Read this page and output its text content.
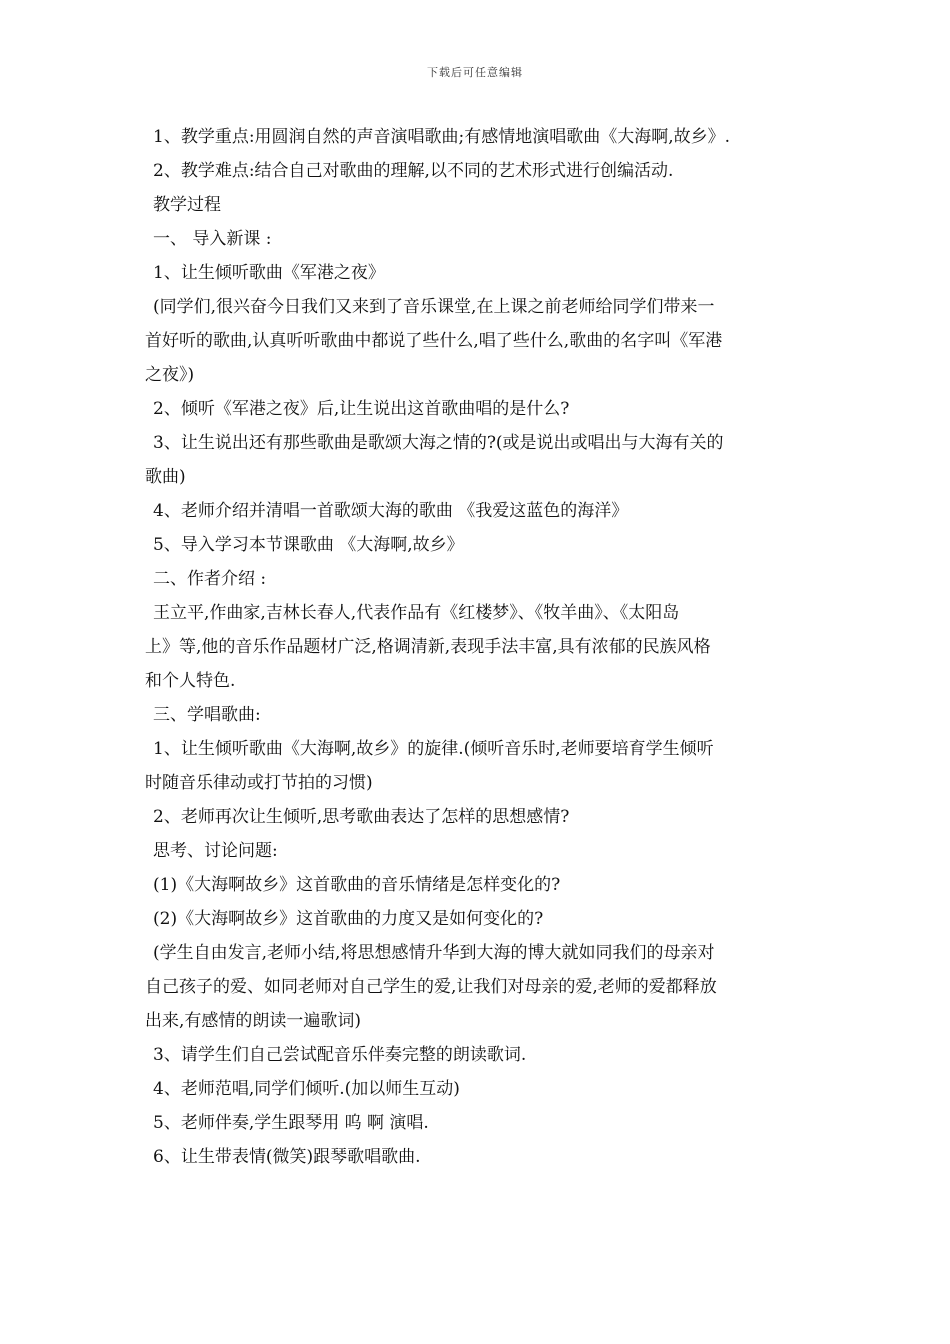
下载后可任意编辑
1、教学重点:用圆润自然的声音演唱歌曲;有感情地演唱歌曲《大海啊,故乡》.
2、教学难点:结合自己对歌曲的理解,以不同的艺术形式进行创编活动.
教学过程
一、 导入新课 :
1、让生倾听歌曲《军港之夜》
(同学们,很兴奋今日我们又来到了音乐课堂,在上课之前老师给同学们带来一
首好听的歌曲,认真听听歌曲中都说了些什么,唱了些什么,歌曲的名字叫《军港
之夜》)
2、倾听《军港之夜》后,让生说出这首歌曲唱的是什么?
3、让生说出还有那些歌曲是歌颂大海之情的?(或是说出或唱出与大海有关的
歌曲)
4、老师介绍并清唱一首歌颂大海的歌曲 《我爱这蓝色的海洋》
5、导入学习本节课歌曲 《大海啊,故乡》
二、作者介绍 :
王立平,作曲家,吉林长春人,代表作品有《红楼梦》、《牧羊曲》、《太阳岛
上》等,他的音乐作品题材广泛,格调清新,表现手法丰富,具有浓郁的民族风格
和个人特色.
三、学唱歌曲:
1、让生倾听歌曲《大海啊,故乡》的旋律.(倾听音乐时,老师要培育学生倾听
时随音乐律动或打节拍的习惯)
2、老师再次让生倾听,思考歌曲表达了怎样的思想感情?
思考、讨论问题:
(1)《大海啊故乡》这首歌曲的音乐情绪是怎样变化的?
(2)《大海啊故乡》这首歌曲的力度又是如何变化的?
(学生自由发言,老师小结,将思想感情升华到大海的博大就如同我们的母亲对
自己孩子的爱、如同老师对自己学生的爱,让我们对母亲的爱,老师的爱都释放
出来,有感情的朗读一遍歌词)
3、请学生们自己尝试配音乐伴奏完整的朗读歌词.
4、老师范唱,同学们倾听.(加以师生互动)
5、老师伴奏,学生跟琴用 呜 啊 演唱.
6、让生带表情(微笑)跟琴歌唱歌曲.
